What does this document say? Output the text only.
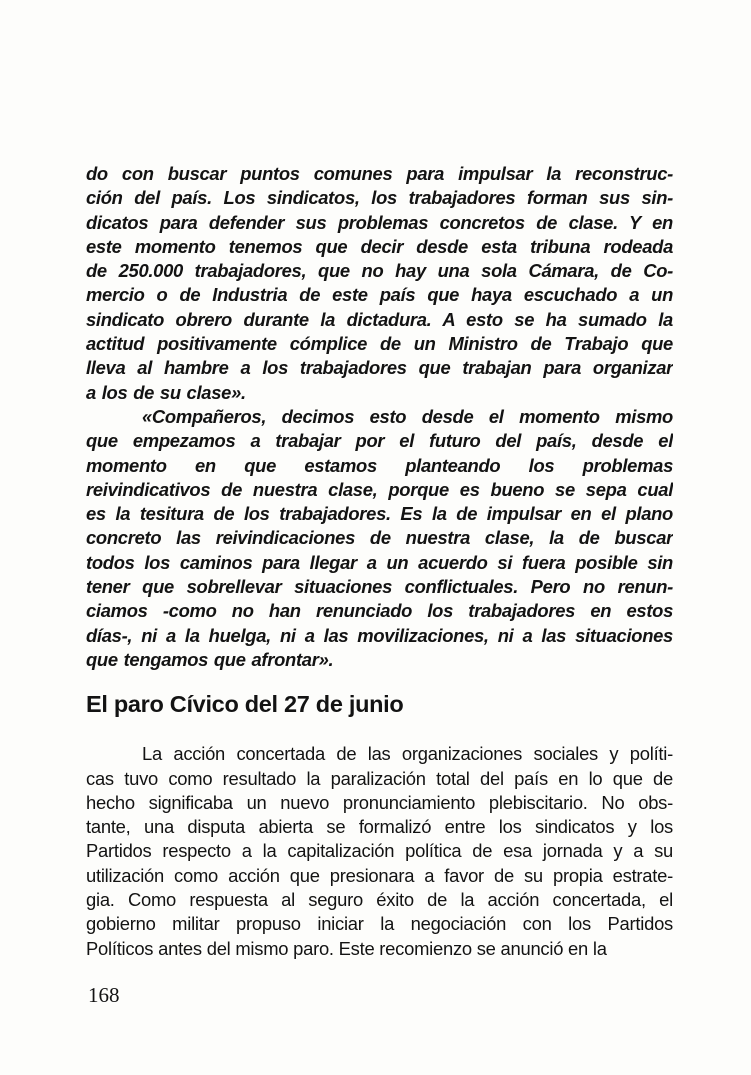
do con buscar puntos comunes para impulsar la reconstruc-
ción del país. Los sindicatos, los trabajadores forman sus sin-
dicatos para defender sus problemas concretos de clase. Y en
este momento tenemos que decir desde esta tribuna rodeada
de 250.000 trabajadores, que no hay una sola Cámara, de Co-
mercio o de Industria de este país que haya escuchado a un
sindicato obrero durante la dictadura. A esto se ha sumado la
actitud positivamente cómplice de un Ministro de Trabajo que
lleva al hambre a los trabajadores que trabajan para organizar
a los de su clase».
«Compañeros, decimos esto desde el momento mismo
que empezamos a trabajar por el futuro del país, desde el
momento en que estamos planteando los problemas
reivindicativos de nuestra clase, porque es bueno se sepa cual
es la tesitura de los trabajadores. Es la de impulsar en el plano
concreto las reivindicaciones de nuestra clase, la de buscar
todos los caminos para llegar a un acuerdo si fuera posible sin
tener que sobrellevar situaciones conflictuales. Pero no renun-
ciamos -como no han renunciado los trabajadores en estos
días-, ni a la huelga, ni a las movilizaciones, ni a las situaciones
que tengamos que afrontar».
El paro Cívico del 27 de junio
La acción concertada de las organizaciones sociales y políti-
cas tuvo como resultado la paralización total del país en lo que de
hecho significaba un nuevo pronunciamiento plebiscitario. No obs-
tante, una disputa abierta se formalizó entre los sindicatos y los
Partidos respecto a la capitalización política de esa jornada y a su
utilización como acción que presionara a favor de su propia estrate-
gia. Como respuesta al seguro éxito de la acción concertada, el
gobierno militar propuso iniciar la negociación con los Partidos
Políticos antes del mismo paro. Este recomienzo se anunció en la
168
